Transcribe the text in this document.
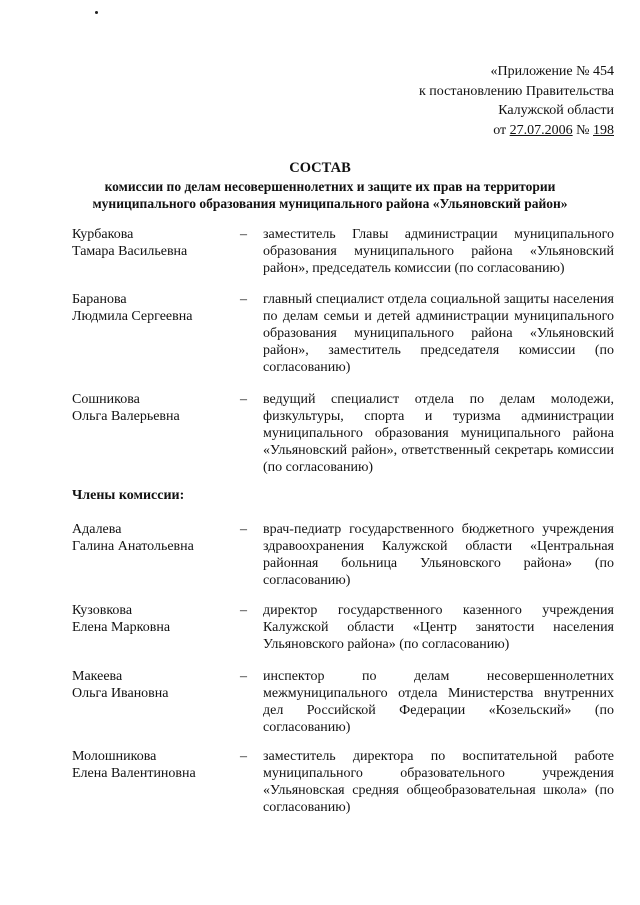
«Приложение № 454
к постановлению Правительства
Калужской области
от 27.07.2006 № 198
СОСТАВ
комиссии по делам несовершеннолетних и защите их прав на территории
муниципального образования муниципального района «Ульяновский район»
Курбакова
Тамара Васильевна
– заместитель Главы администрации муниципального образования муниципального района «Ульяновский район», председатель комиссии (по согласованию)
Баранова
Людмила Сергеевна
– главный специалист отдела социальной защиты населения по делам семьи и детей администрации муниципального образования муниципального района «Ульяновский район», заместитель председателя комиссии (по согласованию)
Сошникова
Ольга Валерьевна
– ведущий специалист отдела по делам молодежи, физкультуры, спорта и туризма администрации муниципального образования муниципального района «Ульяновский район», ответственный секретарь комиссии (по согласованию)
Члены комиссии:
Адалева
Галина Анатольевна
– врач-педиатр государственного бюджетного учреждения здравоохранения Калужской области «Центральная районная больница Ульяновского района» (по согласованию)
Кузовкова
Елена Марковна
– директор государственного казенного учреждения Калужской области «Центр занятости населения Ульяновского района» (по согласованию)
Макеева
Ольга Ивановна
– инспектор по делам несовершеннолетних межмуниципального отдела Министерства внутренних дел Российской Федерации «Козельский» (по согласованию)
Молошникова
Елена Валентиновна
– заместитель директора по воспитательной работе муниципального образовательного учреждения «Ульяновская средняя общеобразовательная школа» (по согласованию)
